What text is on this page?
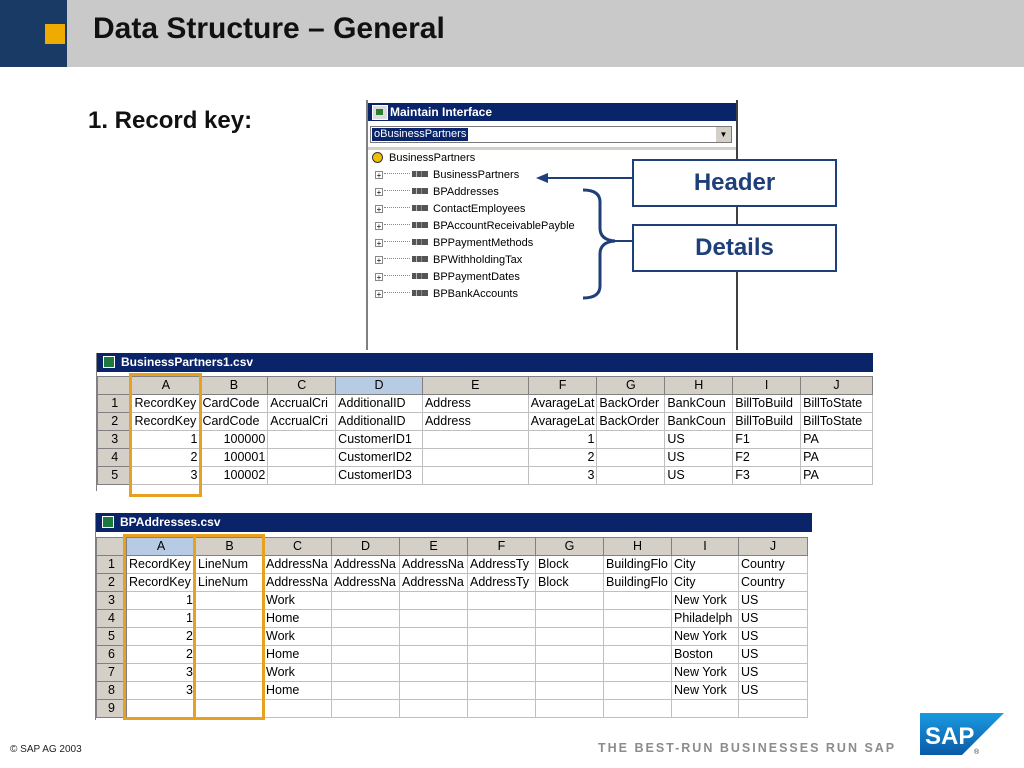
Data Structure – General
1. Record key:	Maintain Interface
oBusinessPartners	▼
BusinessPartners
+	BusinessPartners
+	BPAddresses
+	ContactEmployees
+	BPAccountReceivablePayble
+	BPPaymentMethods
+	BPWithholdingTax
+	BPPaymentDates
+	BPBankAccounts
Header
Details
BusinessPartners1.csv
	A	B	C	D	E	F	G	H	I	J
1	RecordKey	CardCode	AccrualCri	AdditionalID	Address	AvarageLat	BackOrder	BankCoun	BillToBuild	BillToState
2	RecordKey	CardCode	AccrualCri	AdditionalID	Address	AvarageLat	BackOrder	BankCoun	BillToBuild	BillToState
3	1	100000		CustomerID1		1		US	F1	PA
4	2	100001		CustomerID2		2		US	F2	PA
5	3	100002		CustomerID3		3		US	F3	PA
BPAddresses.csv
	A	B	C	D	E	F	G	H	I	J
1	RecordKey	LineNum	AddressNa	AddressNa	AddressNa	AddressTy	Block	BuildingFlo	City	Country
2	RecordKey	LineNum	AddressNa	AddressNa	AddressNa	AddressTy	Block	BuildingFlo	City	Country
3	1		Work						New York	US
4	1		Home						Philadelph	US
5	2		Work						New York	US
6	2		Home						Boston	US
7	3		Work						New York	US
8	3		Home						New York	US
9										
© SAP AG 2003	THE BEST-RUN BUSINESSES RUN SAP SAP
®
